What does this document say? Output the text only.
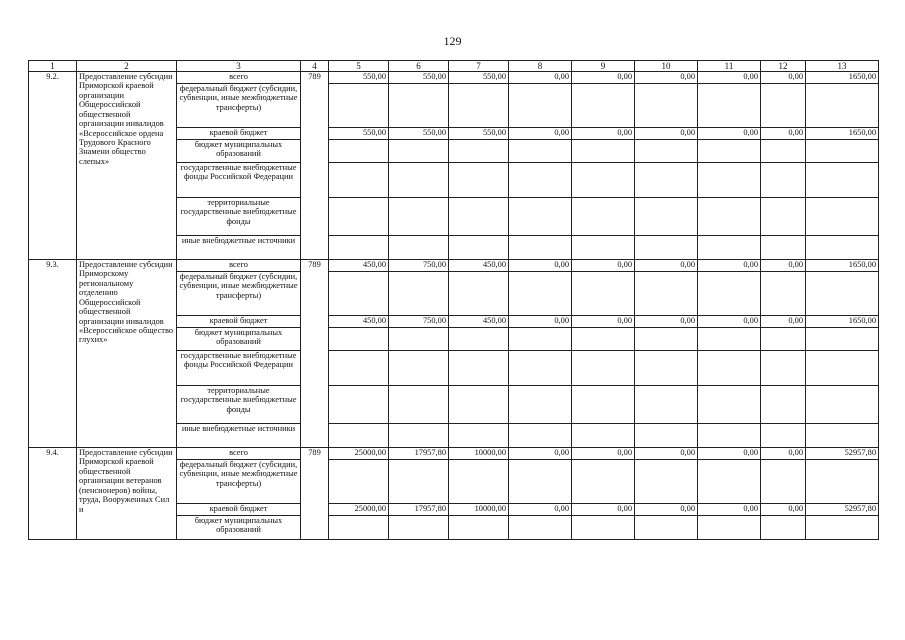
129
1	2	3	4	5	6	7	8	9	10	11	12	13
9.2.	Предоставление субсидии Приморской краевой организации Общероссийской общественной организации инвалидов «Всероссийское ордена Трудового Красного Знамени общество слепых»	всего	789	550,00	550,00	550,00	0,00	0,00	0,00	0,00	0,00	1650,00
		федеральный бюджет (субсидии, субвенции, иные межбюджетные трансферты)										
		краевой бюджет		550,00	550,00	550,00	0,00	0,00	0,00	0,00	0,00	1650,00
		бюджет муниципальных образований										
		государственные внебюджетные фонды Российской Федерации										
		территориальные государственные внебюджетные фонды										
		иные внебюджетные источники										
9.3.	Предоставление субсидии Приморскому региональному отделению Общероссийской общественной организации инвалидов «Всероссийское общество глухих»	всего	789	450,00	750,00	450,00	0,00	0,00	0,00	0,00	0,00	1650,00
		федеральный бюджет (субсидии, субвенции, иные межбюджетные трансферты)										
		краевой бюджет		450,00	750,00	450,00	0,00	0,00	0,00	0,00	0,00	1650,00
		бюджет муниципальных образований										
		государственные внебюджетные фонды Российской Федерации										
		территориальные государственные внебюджетные фонды										
		иные внебюджетные источники										
9.4.	Предоставление субсидии Приморской краевой общественной организации ветеранов (пенсионеров) войны, труда, Вооруженных Сил и	всего	789	25000,00	17957,80	10000,00	0,00	0,00	0,00	0,00	0,00	52957,80
		федеральный бюджет (субсидии, субвенции, иные межбюджетные трансферты)										
		краевой бюджет		25000,00	17957,80	10000,00	0,00	0,00	0,00	0,00	0,00	52957,80
		бюджет муниципальных образований										
